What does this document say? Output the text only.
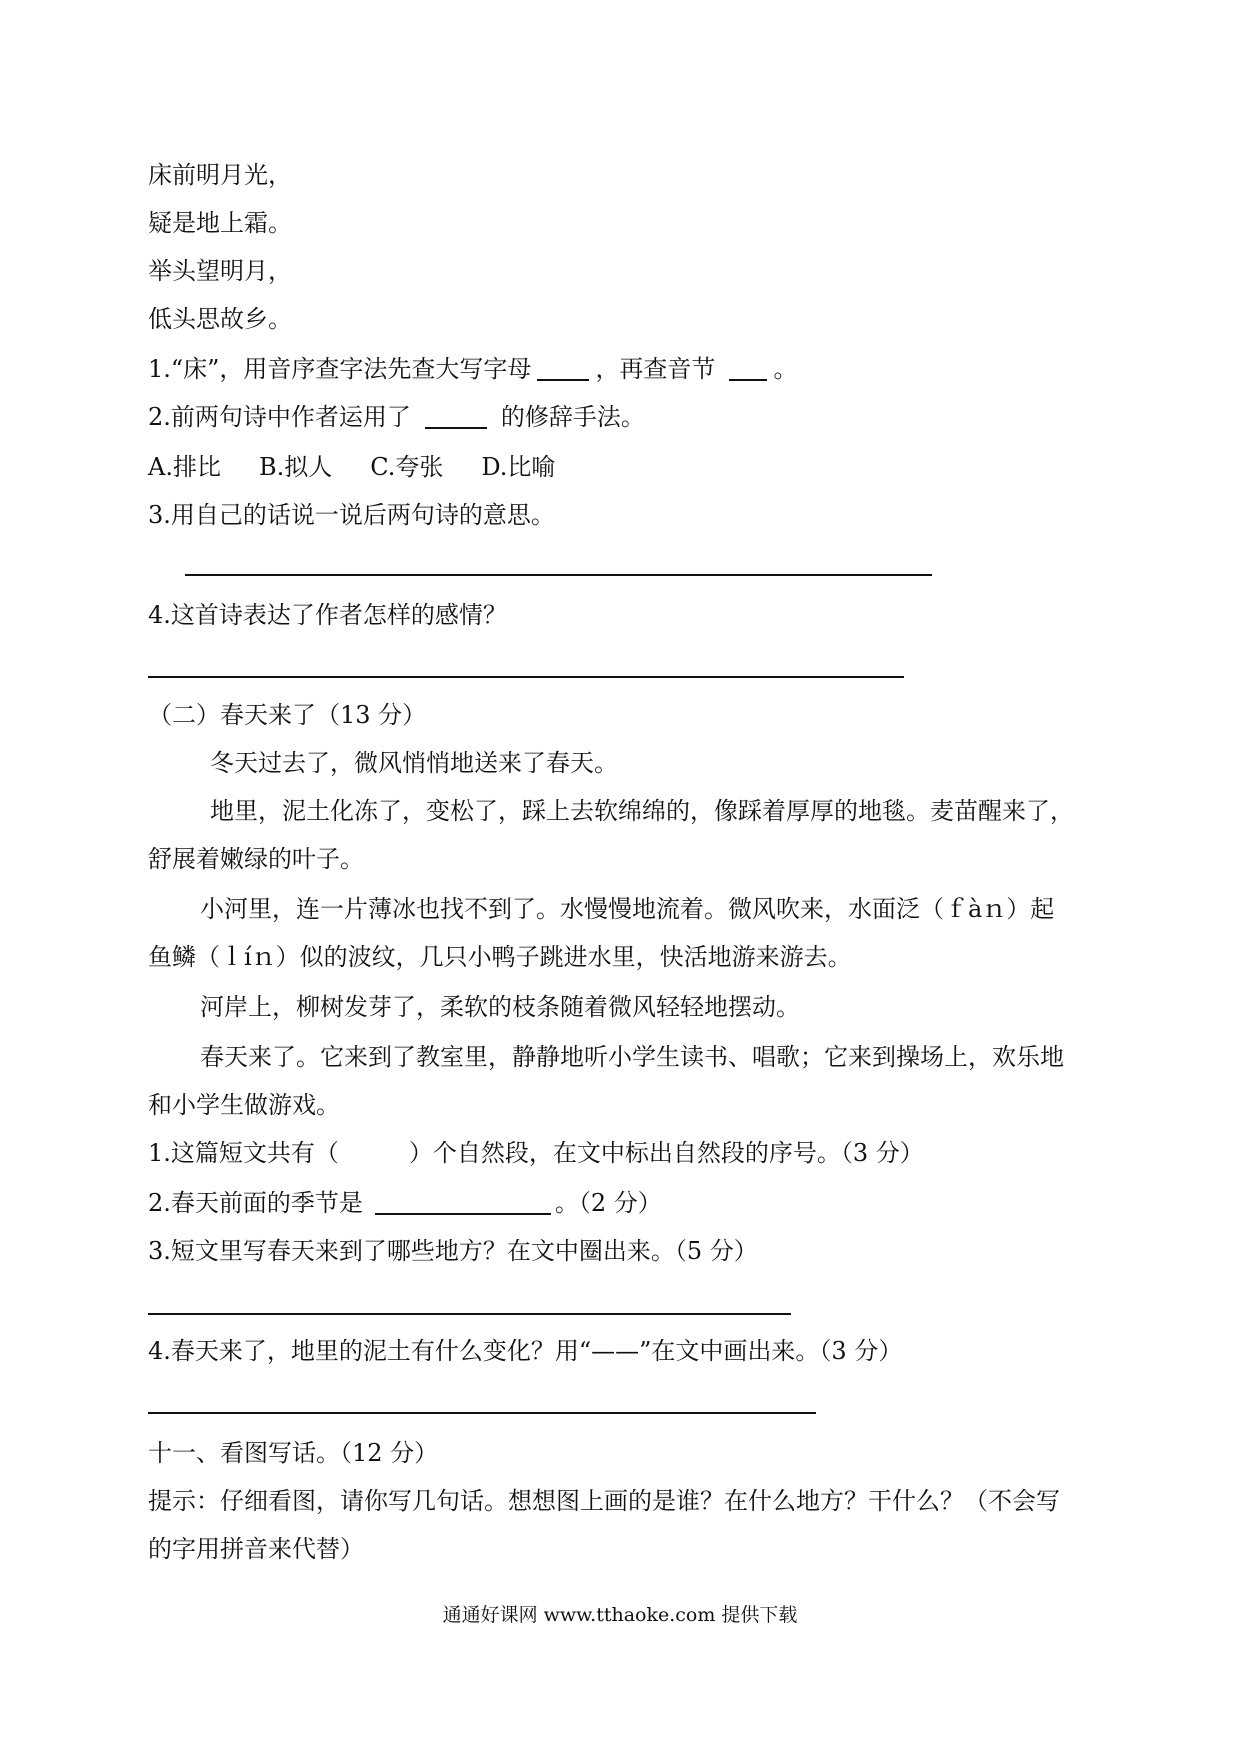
床前明月光，
疑是地上霜。
举头望明月，
低头思故乡。
1.“床”，用音序查字法先查大写字母	，再查音节 。
2.前两句诗中作者运用了	的修辞手法。
A.排比 B.拟人 C.夸张 D.比喻
3.用自己的话说一说后两句诗的意思。
4.这首诗表达了作者怎样的感情？
（二）春天来了（13 分）
冬天过去了，微风悄悄地送来了春天。
地里，泥土化冻了，变松了，踩上去软绵绵的，像踩着厚厚的地毯。麦苗醒来了，
舒展着嫩绿的叶子。
小河里，连一片薄冰也找不到了。水慢慢地流着。微风吹来，水面泛（ｆàｎ）起
鱼鳞（ｌíｎ）似的波纹，几只小鸭子跳进水里，快活地游来游去。
河岸上，柳树发芽了，柔软的枝条随着微风轻轻地摆动。
春天来了。它来到了教室里，静静地听小学生读书、唱歌；它来到操场上，欢乐地
和小学生做游戏。
1.这篇短文共有（	）个自然段，在文中标出自然段的序号。（3 分）
2.春天前面的季节是	。（2 分）
3.短文里写春天来到了哪些地方？在文中圈出来。（5 分）
4.春天来了，地里的泥土有什么变化？用“——”在文中画出来。（3 分）
十一、看图写话。（12 分）
提示：仔细看图，请你写几句话。想想图上画的是谁？在什么地方？干什么？（不会写
的字用拼音来代替）
通通好课网 www.tthaoke.com 提供下载
